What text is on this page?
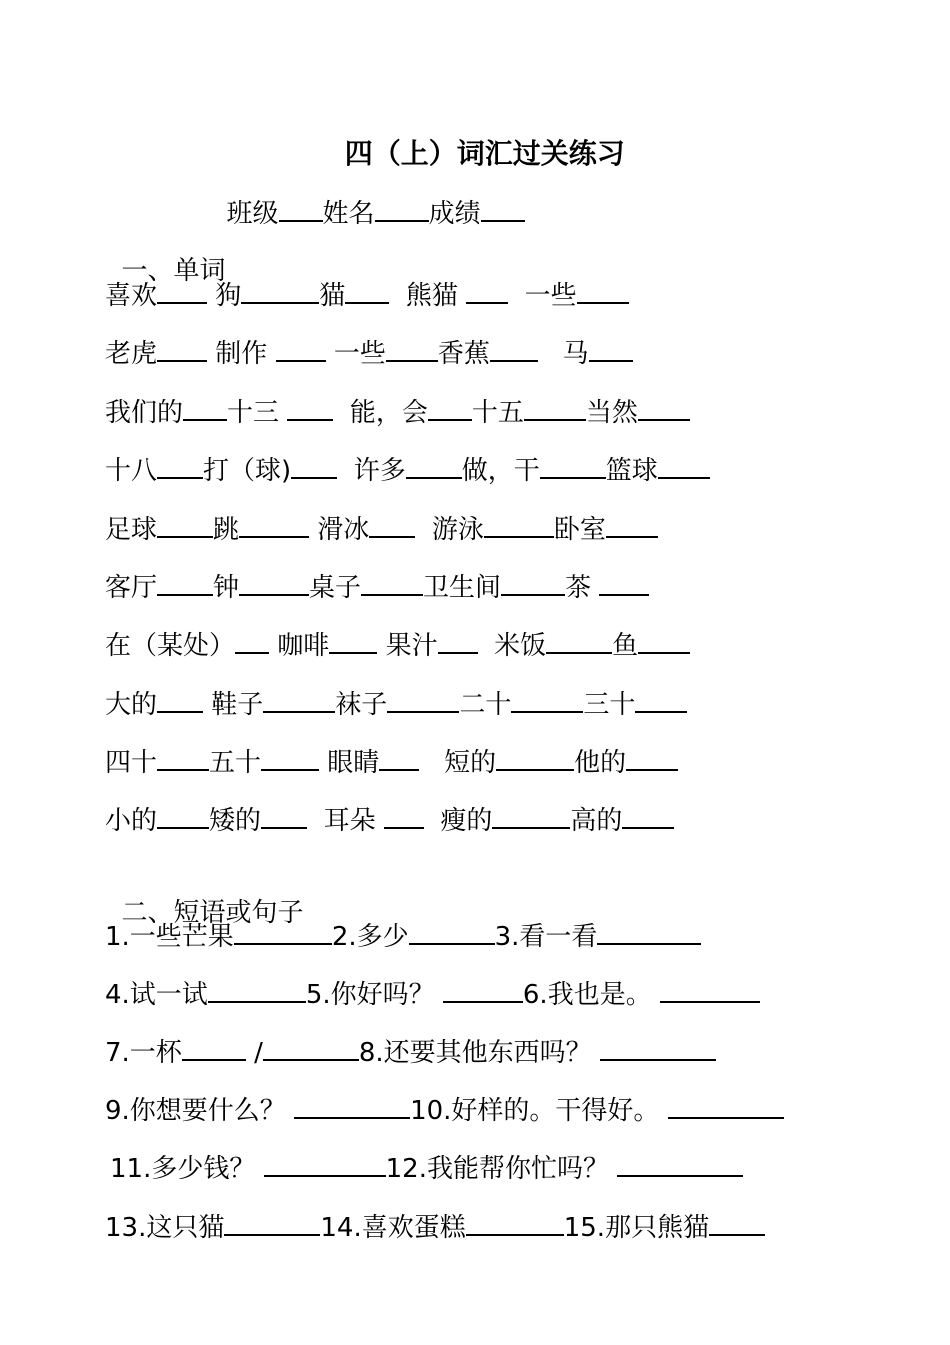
四（上）词汇过关练习

班级 姓名 成绩

一、单词

喜欢 狗	猫 熊猫	一些
老虎 制作	一些 香蕉	马
我们的 十三	能，会 十五 当然
十八 打（球) 许多 做，干	篮球
足球 跳	滑冰 游泳	卧室
客厅 钟	桌子 卫生间 茶
在（某处） 咖啡 果汁 米饭	鱼
大的 鞋子	袜子	二十	三十
四十 五十	眼睛 短的	他的
小的 矮的 耳朵 瘦的	高的

二、短语或句子

1.一些芒果	2.多少	3.看一看
4.试一试	5.你好吗？	6.我也是。
7.一杯	/	8.还要其他东西吗？
9.你想要什么？	10.好样的。干得好。
11.多少钱？	12.我能帮你忙吗？
13.这只猫	14.喜欢蛋糕	15.那只熊猫
